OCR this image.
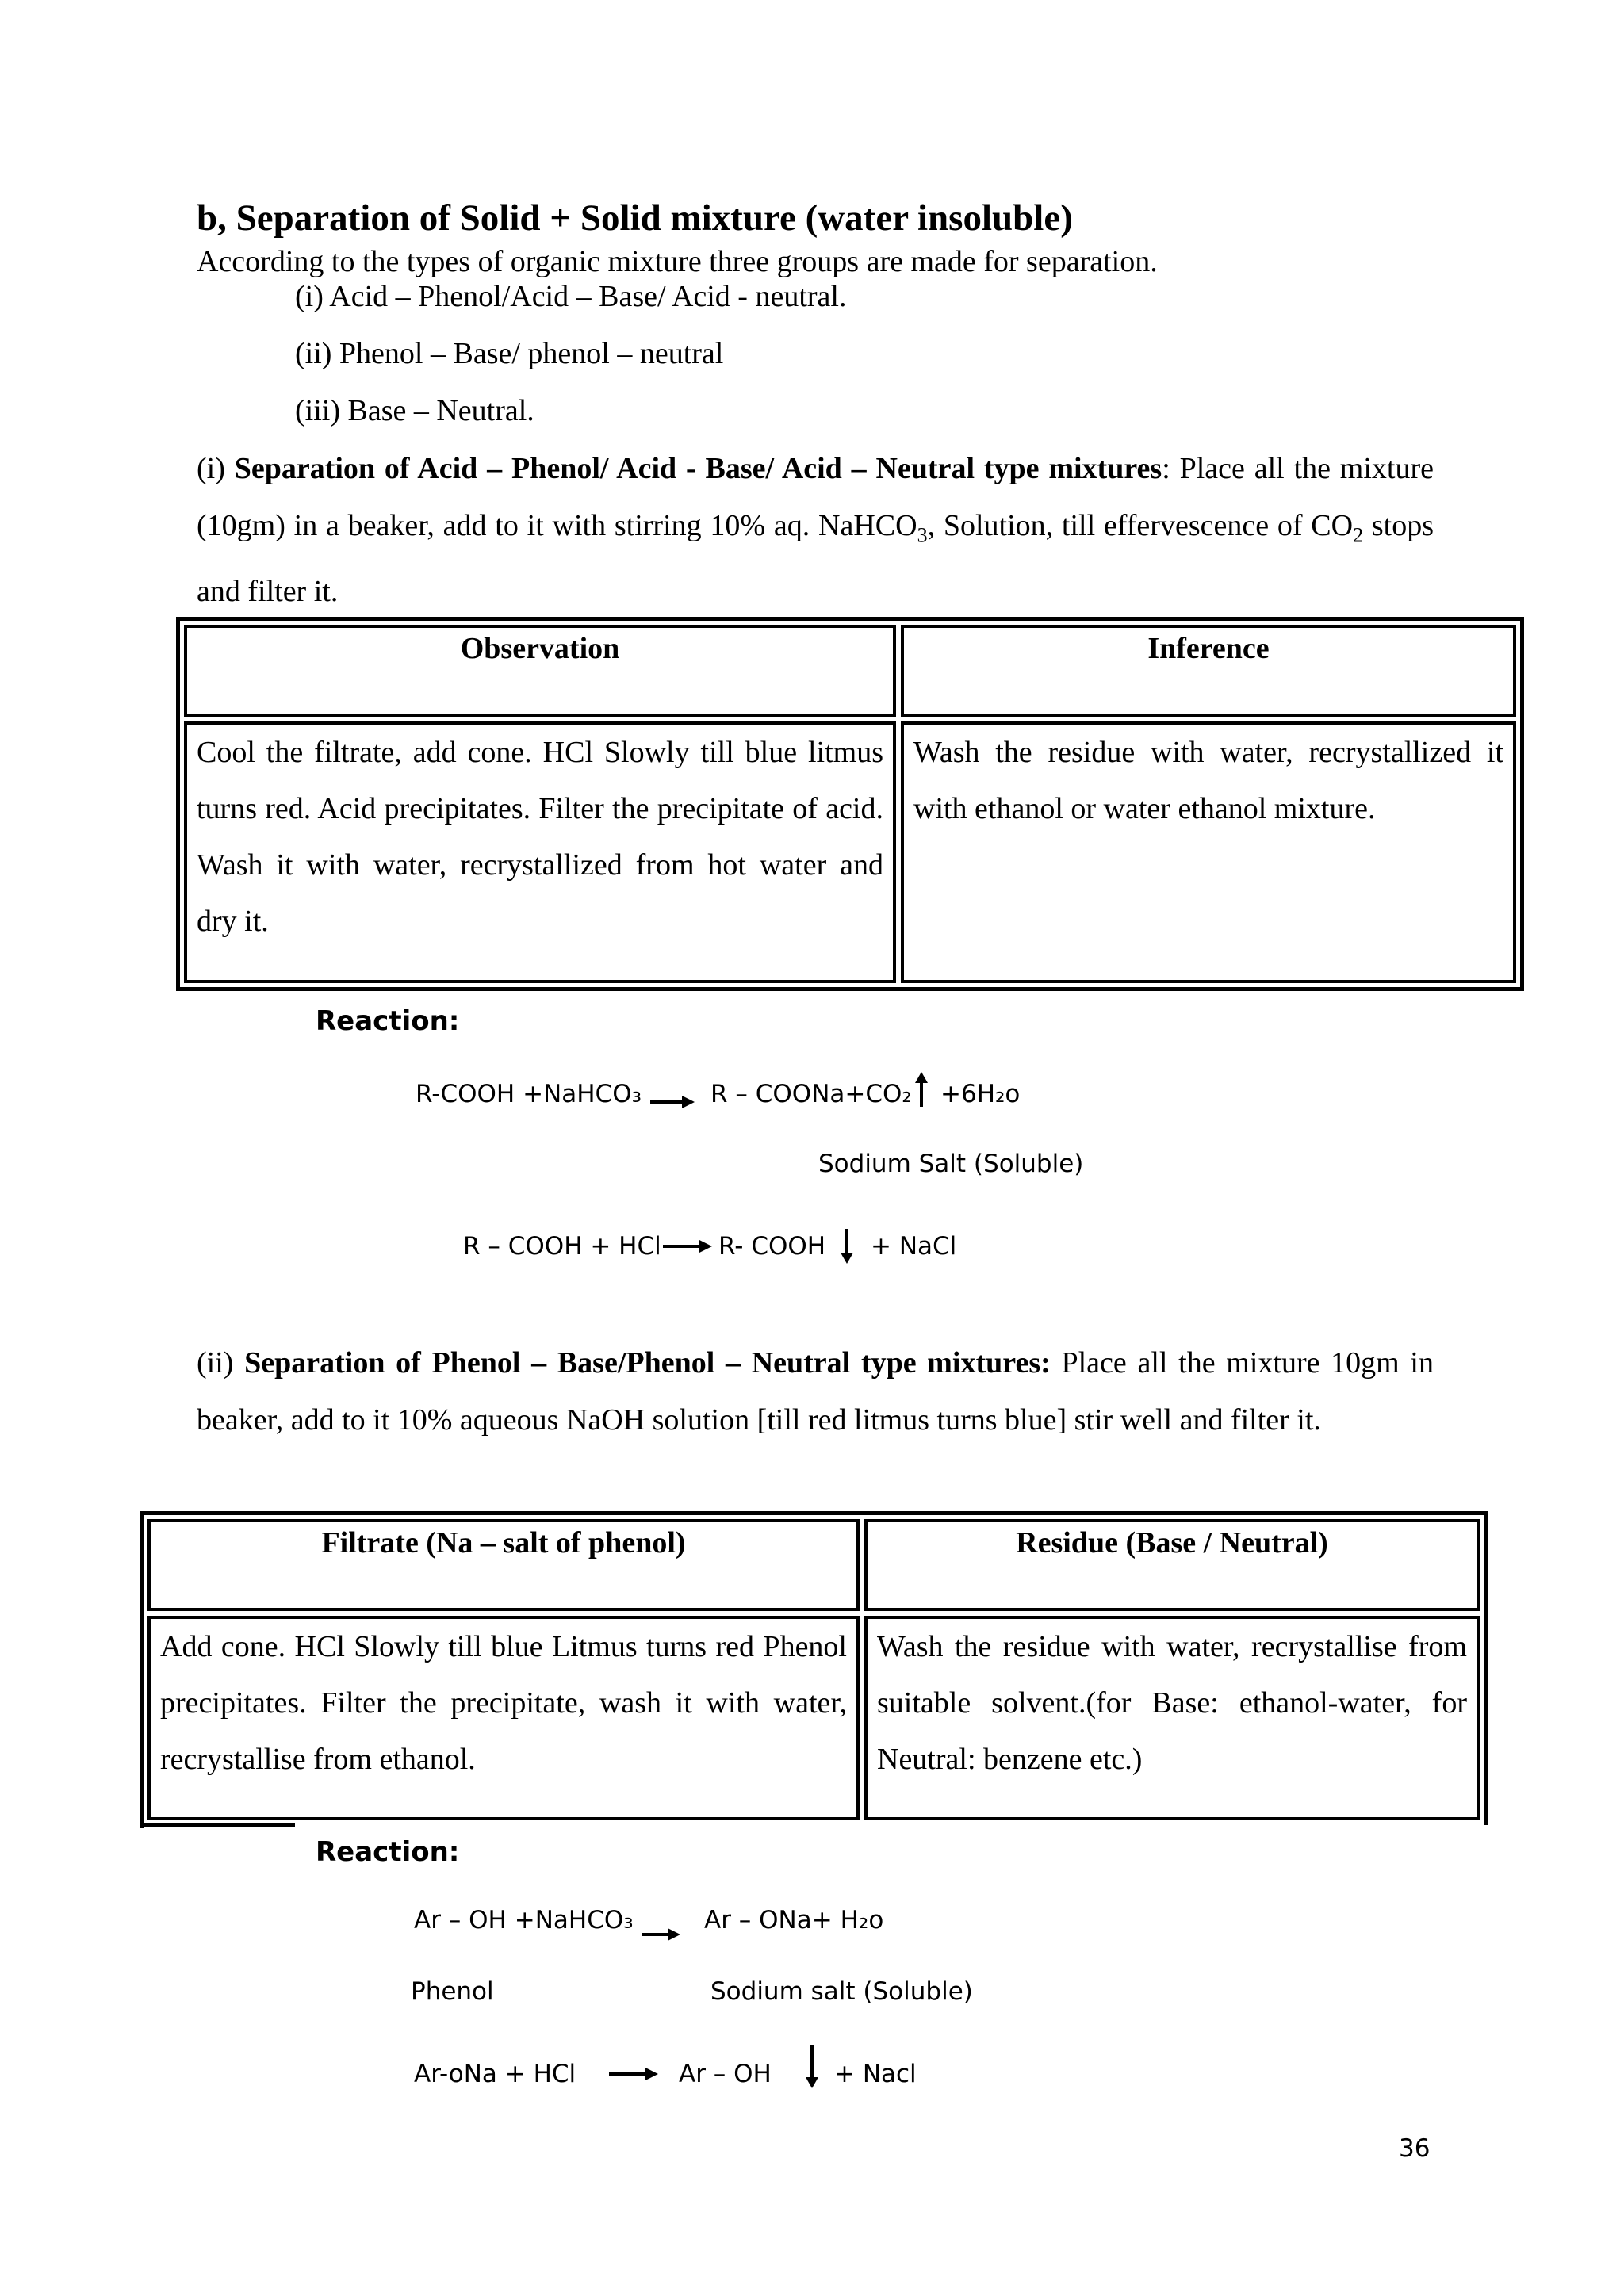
b, Separation of Solid + Solid mixture (water insoluble)
According to the types of organic mixture three groups are made for separation.
(i) Acid – Phenol/Acid – Base/ Acid - neutral.
(ii) Phenol – Base/ phenol – neutral
(iii) Base – Neutral.
(i) Separation of Acid – Phenol/ Acid - Base/ Acid – Neutral type mixtures: Place all the mixture (10gm) in a beaker, add to it with stirring 10% aq. NaHCO$_3$, Solution, till effervescence of $CO_2$ stops and filter it.
Observation	Inference
Cool the filtrate, add cone. HCl Slowly till blue litmus turns red. Acid precipitates. Filter the precipitate of acid. Wash it with water, recrystallized from hot water and dry it.
Wash the residue with water, recrystallized it with ethanol or water ethanol mixture.
Reaction:
R-COOH +NaHCO₃	R – COONa+CO₂ +6H₂o
Sodium Salt (Soluble)
R – COOH + HCl R- COOH + NaCl
(ii) Separation of Phenol – Base/Phenol – Neutral type mixtures: Place all the mixture 10gm in beaker, add to it 10% aqueous NaOH solution [till red litmus turns blue] stir well and filter it.
Filtrate (Na – salt of phenol)	Residue (Base / Neutral)
Add cone. HCl Slowly till blue Litmus turns red Phenol precipitates. Filter the precipitate, wash it with water, recrystallise from ethanol.
Wash the residue with water, recrystallise from suitable solvent.(for Base: ethanol-water, for Neutral: benzene etc.)
Reaction:
Ar – OH +NaHCO₃	Ar – ONa+ H₂o
Phenol	Sodium salt (Soluble)
Ar-oNa + HCl	Ar – OH	+ Nacl
36
